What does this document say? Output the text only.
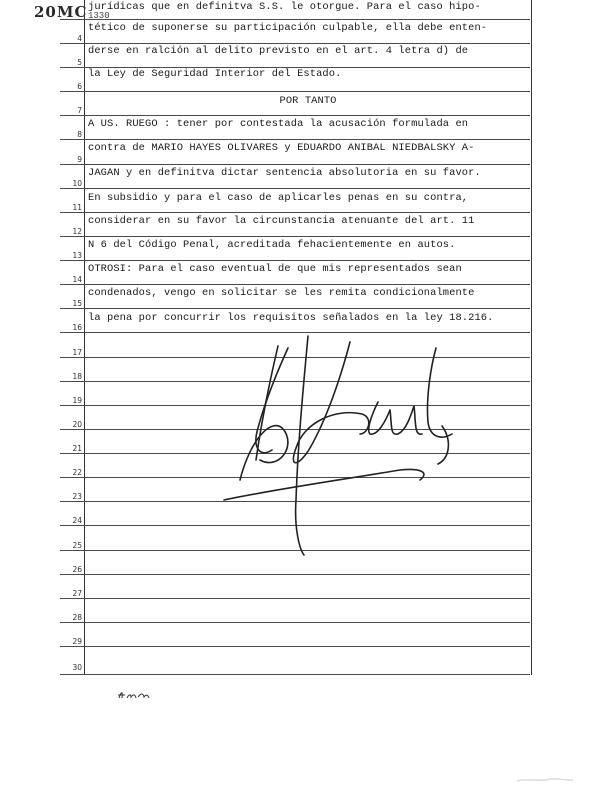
20MС 1330
4
5
6
7
8
9
10
11
12
13
14
15
16
17
18
19
20
21
22
23
24
25
26
27
28
29
30
jurídicas que en definitva S.S. le otorgue. Para el caso hipo-
tético de suponerse su participación culpable, ella debe enten-
derse en ralción al delito previsto en el art. 4 letra d) de
la Ley de Seguridad Interior del Estado.
POR TANTO
A US. RUEGO : tener por contestada la acusación formulada en
contra de MARIO HAYES OLIVARES y EDUARDO ANIBAL NIEDBALSKY A-
JAGAN y en definitva dictar sentencia absolutoria en su favor.
En subsidio y para el caso de aplicarles penas en su contra,
considerar en su favor la circunstancia atenuante del art. 11
N 6 del Código Penal, acreditada fehacientemente en autos.
OTROSI: Para el caso eventual de que mis representados sean
condenados, vengo en solicitar se les remita condicionalmente
la pena por concurrir los requisitos señalados en la ley 18.216.
